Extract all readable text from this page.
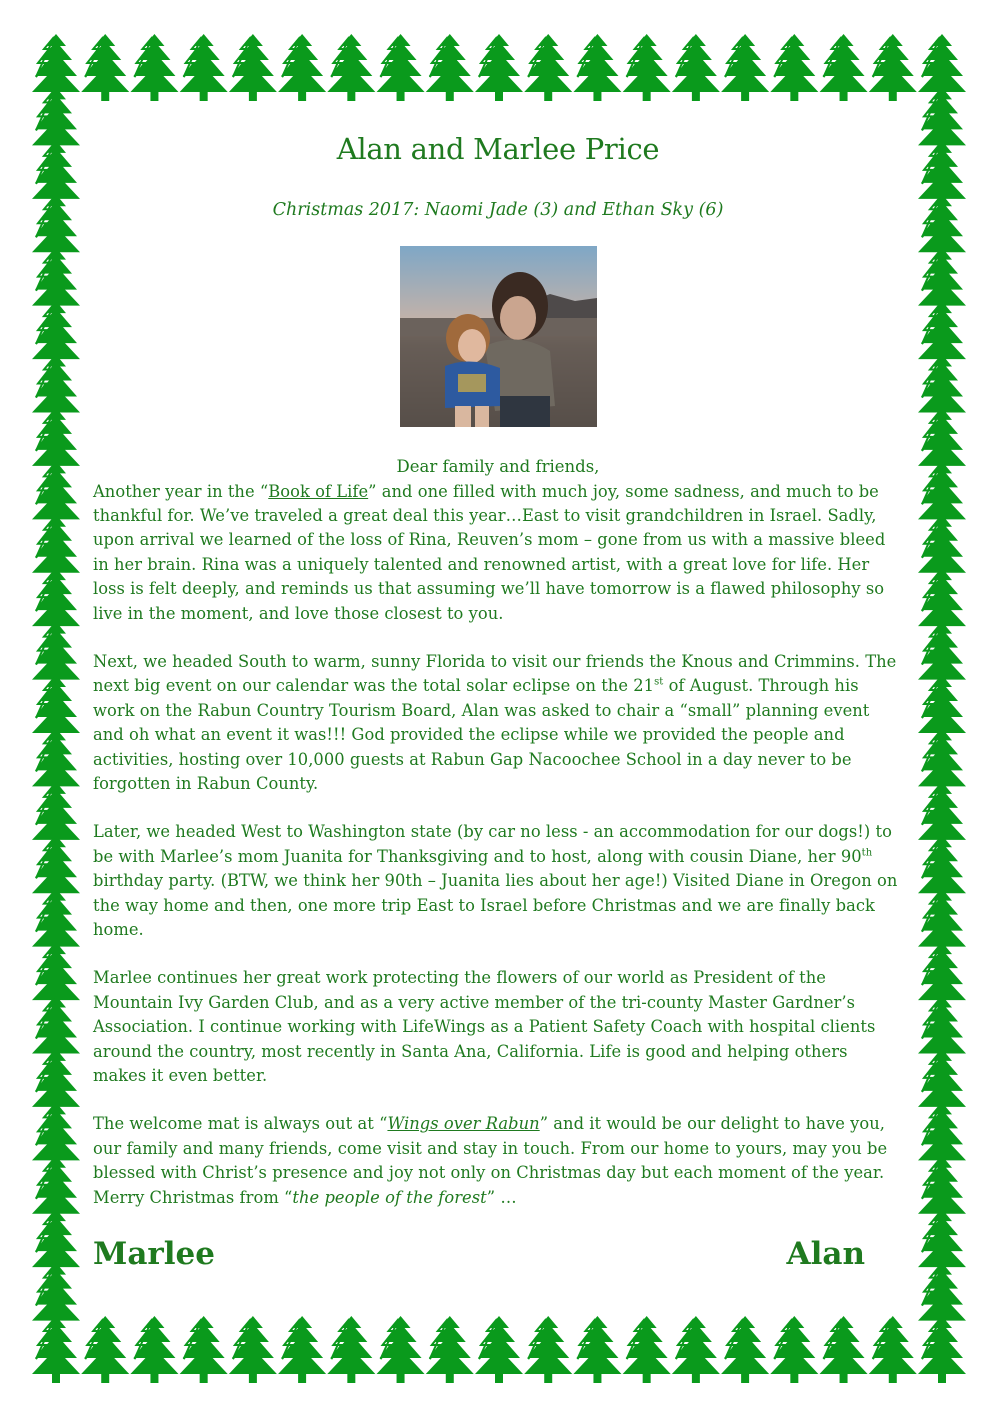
Alan and Marlee Price
Christmas 2017: Naomi Jade (3) and Ethan Sky (6)
Dear family and friends,

Another year in the “Book of Life” and one filled with much joy, some sadness, and much to be thankful for. We’ve traveled a great deal this year…East to visit grandchildren in Israel. Sadly, upon arrival we learned of the loss of Rina, Reuven’s mom – gone from us with a massive bleed in her brain. Rina was a uniquely talented and renowned artist, with a great love for life. Her loss is felt deeply, and reminds us that assuming we’ll have tomorrow is a flawed philosophy so live in the moment, and love those closest to you.

Next, we headed South to warm, sunny Florida to visit our friends the Knous and Crimmins. The next big event on our calendar was the total solar eclipse on the 21st of August. Through his work on the Rabun Country Tourism Board, Alan was asked to chair a “small” planning event and oh what an event it was!!! God provided the eclipse while we provided the people and activities, hosting over 10,000 guests at Rabun Gap Nacoochee School in a day never to be forgotten in Rabun County.

Later, we headed West to Washington state (by car no less - an accommodation for our dogs!) to be with Marlee’s mom Juanita for Thanksgiving and to host, along with cousin Diane, her 90th birthday party. (BTW, we think her 90th – Juanita lies about her age!) Visited Diane in Oregon on the way home and then, one more trip East to Israel before Christmas and we are finally back home.

Marlee continues her great work protecting the flowers of our world as President of the Mountain Ivy Garden Club, and as a very active member of the tri-county Master Gardner’s Association. I continue working with LifeWings as a Patient Safety Coach with hospital clients around the country, most recently in Santa Ana, California. Life is good and helping others makes it even better.

The welcome mat is always out at “Wings over Rabun” and it would be our delight to have you, our family and many friends, come visit and stay in touch. From our home to yours, may you be blessed with Christ’s presence and joy not only on Christmas day but each moment of the year. Merry Christmas from “the people of the forest” …

Marlee	Alan
